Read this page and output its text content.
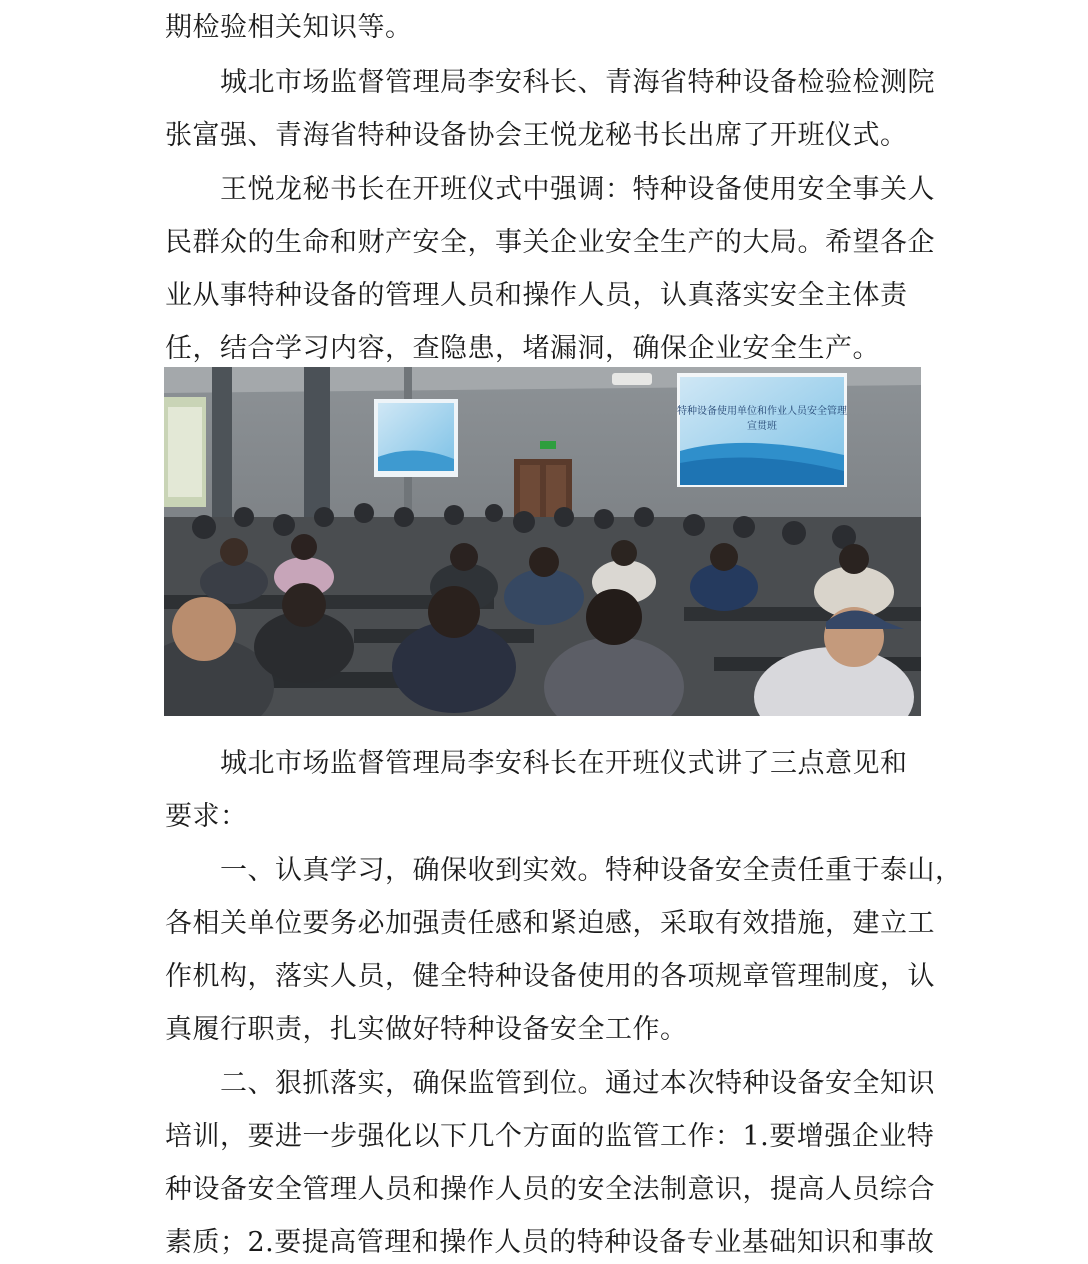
期检验相关知识等。
城北市场监督管理局李安科长、青海省特种设备检验检测院
张富强、青海省特种设备协会王悦龙秘书长出席了开班仪式。
王悦龙秘书长在开班仪式中强调：特种设备使用安全事关人
民群众的生命和财产安全，事关企业安全生产的大局。希望各企
业从事特种设备的管理人员和操作人员，认真落实安全主体责
任，结合学习内容，查隐患，堵漏洞，确保企业安全生产。
特种设备使用单位和作业人员安全管理
宣贯班
城北市场监督管理局李安科长在开班仪式讲了三点意见和
要求：
一、认真学习，确保收到实效。特种设备安全责任重于泰山，
各相关单位要务必加强责任感和紧迫感，采取有效措施，建立工
作机构，落实人员，健全特种设备使用的各项规章管理制度，认
真履行职责，扎实做好特种设备安全工作。
二、狠抓落实，确保监管到位。通过本次特种设备安全知识
培训，要进一步强化以下几个方面的监管工作：1.要增强企业特
种设备安全管理人员和操作人员的安全法制意识，提高人员综合
素质；2.要提高管理和操作人员的特种设备专业基础知识和事故
